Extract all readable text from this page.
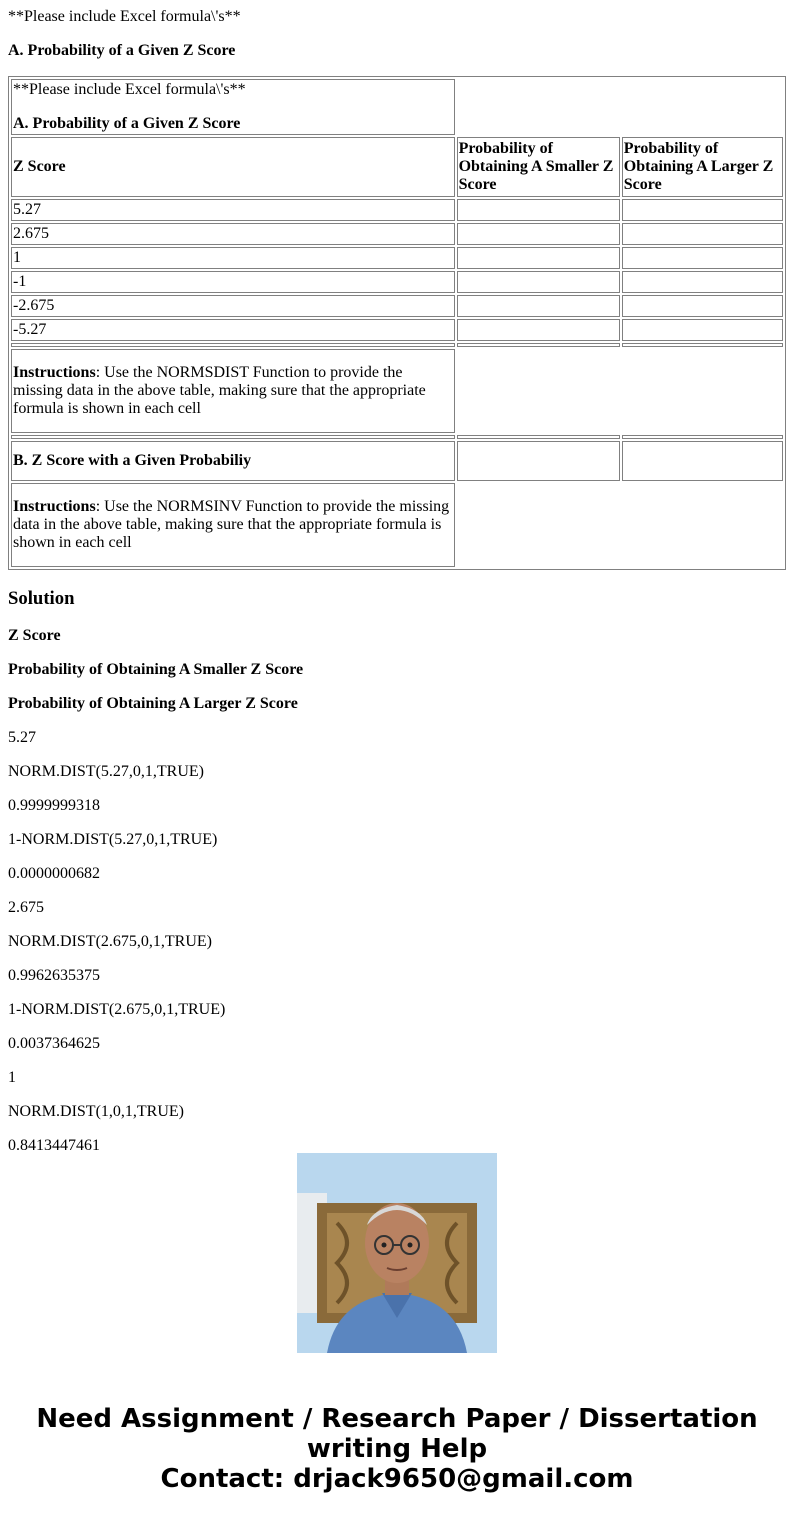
**Please include Excel formula\'s**

A. Probability of a Given Z Score

**Please include Excel formula\'s**
A. Probability of a Given Z Score		

Z Score	Probability of Obtaining A Smaller Z Score	Probability of Obtaining A Larger Z Score
5.27		
2.675		
1		
-1		
-2.675		
-5.27		

Instructions: Use the NORMSDIST Function to provide the missing data in the above table, making sure that the appropriate formula is shown in each cell		

B. Z Score with a Given Probabiliy		
Instructions: Use the NORMSINV Function to provide the missing data in the above table, making sure that the appropriate formula is shown in each cell		
Solution

Z Score

Probability of Obtaining A Smaller Z Score

Probability of Obtaining A Larger Z Score

5.27

NORM.DIST(5.27,0,1,TRUE)

0.9999999318

1-NORM.DIST(5.27,0,1,TRUE)

0.0000000682

2.675

NORM.DIST(2.675,0,1,TRUE)

0.9962635375

1-NORM.DIST(2.675,0,1,TRUE)

0.0037364625

1

NORM.DIST(1,0,1,TRUE)

0.8413447461

Need Assignment / Research Paper / Dissertation
writing Help
Contact: drjack9650@gmail.com
